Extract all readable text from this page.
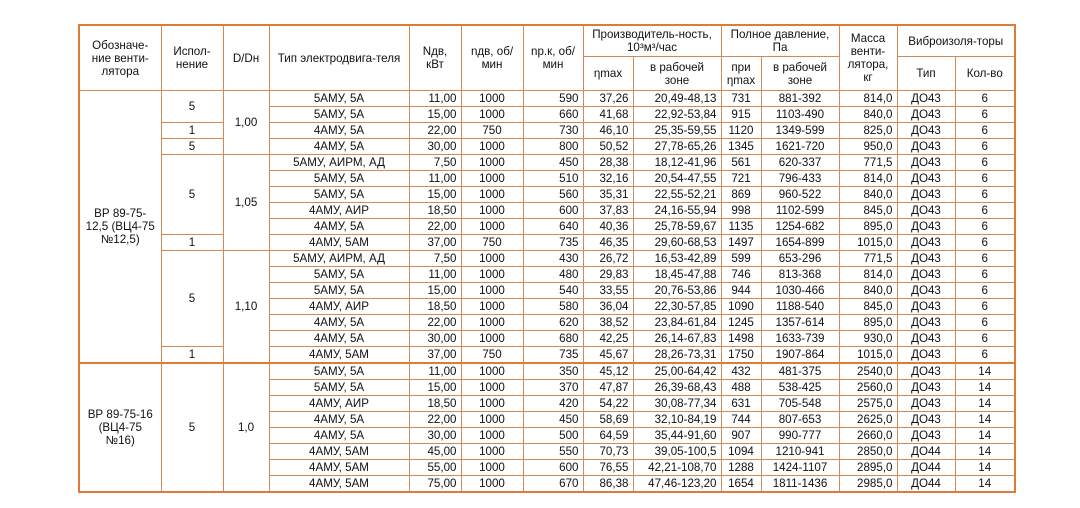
Обозначе-ние венти-лятора	Испол-нение	D/Dн	Тип электродвига-теля	Nдв, кВт	nдв, об/мин	nр.к, об/мин	Производитель-ность, 10³м³/час		Полное давление, Па		Масса венти-лятора, кг	Виброизоля-торы	
							ηmax	в рабочей зоне	при ηmax	в рабочей зоне		Тип	Кол-во
ВР 89-75-12,5 (ВЦ4-75 №12,5)	5	1,00	5АМУ, 5А	11,00	1000	590	37,26	20,49-48,13	731	881-392	814,0	ДО43	6
			5АМУ, 5А	15,00	1000	660	41,68	22,92-53,84	915	1103-490	840,0	ДО43	6
	1		4АМУ, 5А	22,00	750	730	46,10	25,35-59,55	1120	1349-599	825,0	ДО43	6
	5		4АМУ, 5А	30,00	1000	800	50,52	27,78-65,26	1345	1621-720	950,0	ДО43	6
	5	1,05	5АМУ, АИРМ, АД	7,50	1000	450	28,38	18,12-41,96	561	620-337	771,5	ДО43	6
			5АМУ, 5А	11,00	1000	510	32,16	20,54-47,55	721	796-433	814,0	ДО43	6
			5АМУ, 5А	15,00	1000	560	35,31	22,55-52,21	869	960-522	840,0	ДО43	6
			4АМУ, АИР	18,50	1000	600	37,83	24,16-55,94	998	1102-599	845,0	ДО43	6
			4АМУ, 5А	22,00	1000	640	40,36	25,78-59,67	1135	1254-682	895,0	ДО43	6
	1		4АМУ, 5АМ	37,00	750	735	46,35	29,60-68,53	1497	1654-899	1015,0	ДО43	6
	5	1,10	5АМУ, АИРМ, АД	7,50	1000	430	26,72	16,53-42,89	599	653-296	771,5	ДО43	6
			5АМУ, 5А	11,00	1000	480	29,83	18,45-47,88	746	813-368	814,0	ДО43	6
			5АМУ, 5А	15,00	1000	540	33,55	20,76-53,86	944	1030-466	840,0	ДО43	6
			4АМУ, АИР	18,50	1000	580	36,04	22,30-57,85	1090	1188-540	845,0	ДО43	6
			4АМУ, 5А	22,00	1000	620	38,52	23,84-61,84	1245	1357-614	895,0	ДО43	6
			4АМУ, 5А	30,00	1000	680	42,25	26,14-67,83	1498	1633-739	930,0	ДО43	6
	1		4АМУ, 5АМ	37,00	750	735	45,67	28,26-73,31	1750	1907-864	1015,0	ДО43	6
ВР 89-75-16 (ВЦ4-75 №16)	5	1,0	5АМУ, 5А	11,00	1000	350	45,12	25,00-64,42	432	481-375	2540,0	ДО43	14
			5АМУ, 5А	15,00	1000	370	47,87	26,39-68,43	488	538-425	2560,0	ДО43	14
			4АМУ, АИР	18,50	1000	420	54,22	30,08-77,34	631	705-548	2575,0	ДО43	14
			4АМУ, 5А	22,00	1000	450	58,69	32,10-84,19	744	807-653	2625,0	ДО43	14
			4АМУ, 5А	30,00	1000	500	64,59	35,44-91,60	907	990-777	2660,0	ДО43	14
			4АМУ, 5АМ	45,00	1000	550	70,73	39,05-100,5	1094	1210-941	2850,0	ДО44	14
			4АМУ, 5АМ	55,00	1000	600	76,55	42,21-108,70	1288	1424-1107	2895,0	ДО44	14
			4АМУ, 5АМ	75,00	1000	670	86,38	47,46-123,20	1654	1811-1436	2985,0	ДО44	14
